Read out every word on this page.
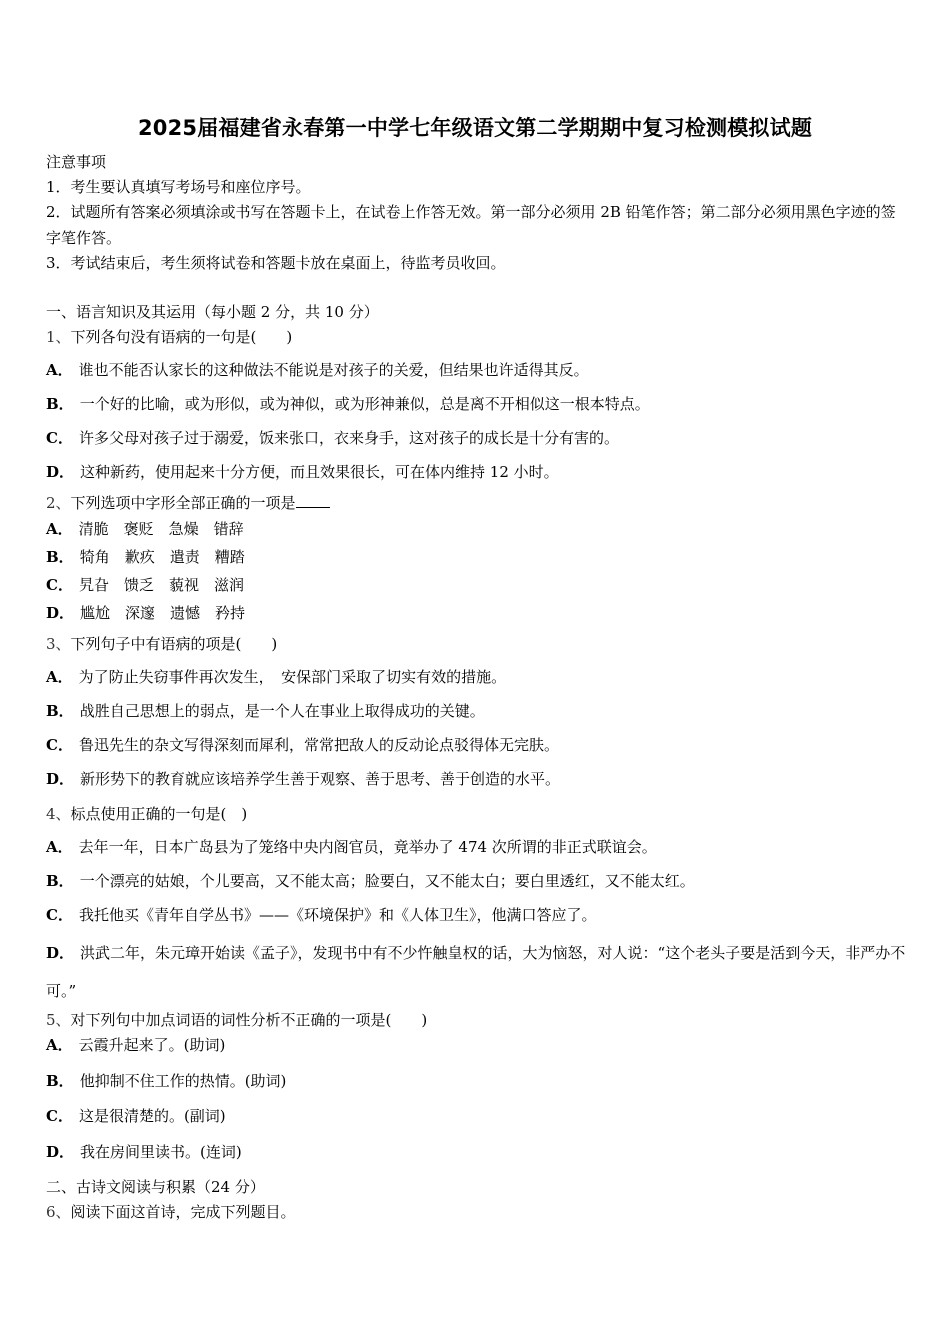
2025届福建省永春第一中学七年级语文第二学期期中复习检测模拟试题
注意事项
1．考生要认真填写考场号和座位序号。
2．试题所有答案必须填涂或书写在答题卡上，在试卷上作答无效。第一部分必须用 2B 铅笔作答；第二部分必须用黑色字迹的签字笔作答。
3．考试结束后，考生须将试卷和答题卡放在桌面上，待监考员收回。
一、语言知识及其运用（每小题 2 分，共 10 分）
1、下列各句没有语病的一句是(　　)
A． 谁也不能否认家长的这种做法不能说是对孩子的关爱，但结果也许适得其反。
B． 一个好的比喻，或为形似，或为神似，或为形神兼似，总是离不开相似这一根本特点。
C． 许多父母对孩子过于溺爱，饭来张口，衣来身手，这对孩子的成长是十分有害的。
D． 这种新药，使用起来十分方便，而且效果很长，可在体内维持 12 小时。
2、下列选项中字形全部正确的一项是
A． 清脆　褒贬　急燥　错辞
B． 犄角　歉疚　遣责　糟踏
C． 旯旮　馈乏　藐视　滋润
D． 尴尬　深邃　遗憾　矜持
3、下列句子中有语病的项是(　　)
A． 为了防止失窃事件再次发生，　安保部门采取了切实有效的措施。
B． 战胜自己思想上的弱点，是一个人在事业上取得成功的关键。
C． 鲁迅先生的杂文写得深刻而犀利，常常把敌人的反动论点驳得体无完肤。
D． 新形势下的教育就应该培养学生善于观察、善于思考、善于创造的水平。
4、标点使用正确的一句是(　)
A． 去年一年，日本广岛县为了笼络中央内阁官员，竟举办了 474 次所谓的非正式联谊会。
B． 一个漂亮的姑娘，个儿要高，又不能太高；脸要白，又不能太白；要白里透红，又不能太红。
C． 我托他买《青年自学丛书》——《环境保护》和《人体卫生》，他满口答应了。
D． 洪武二年，朱元璋开始读《孟子》，发现书中有不少忤触皇权的话，大为恼怒，对人说：“这个老头子要是活到今天，非严办不可。”
5、对下列句中加点词语的词性分析不正确的一项是(　　)
A． 云霞升起来了。(助词)
B． 他抑制不住工作的热情。(助词)
C． 这是很清楚的。(副词)
D． 我在房间里读书。(连词)
二、古诗文阅读与积累（24 分）
6、阅读下面这首诗，完成下列题目。
